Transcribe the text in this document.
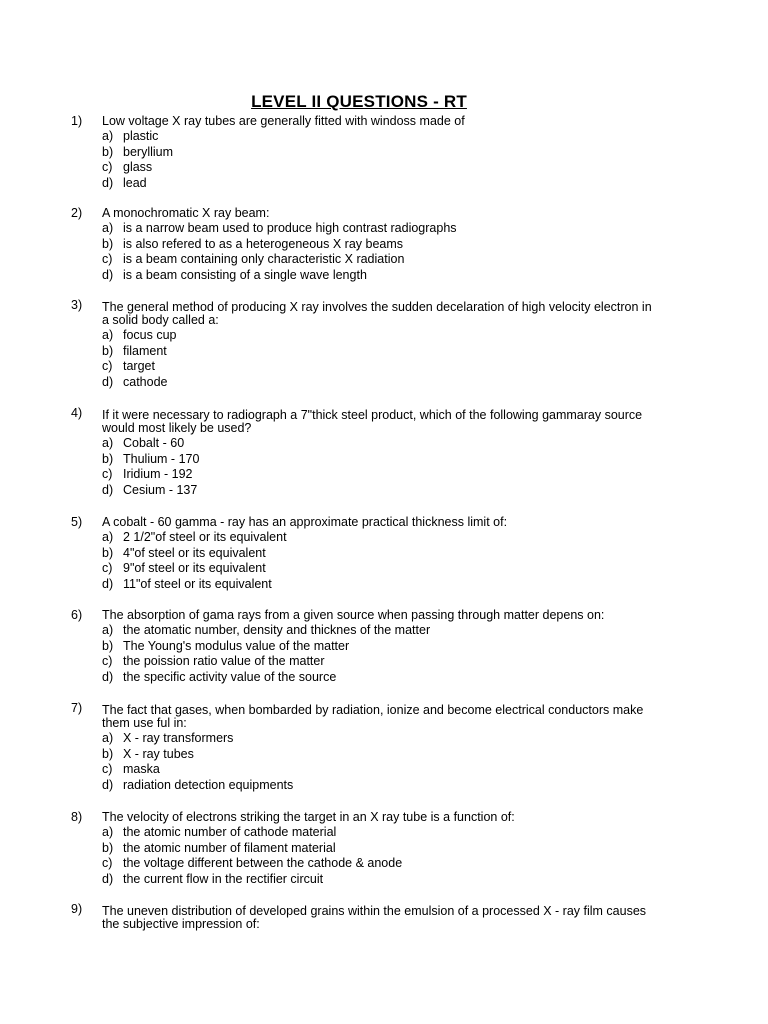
LEVEL II QUESTIONS - RT
1) Low voltage X ray tubes are generally fitted with windoss made of
a) plastic
b) beryllium
c) glass
d) lead
2) A monochromatic X ray beam:
a) is a narrow beam used to produce high contrast radiographs
b) is also refered to as a heterogeneous X ray beams
c) is a beam containing only characteristic X radiation
d) is a beam consisting of a single wave length
3) The general method of producing X ray involves the sudden decelaration of high velocity electron in a solid body called a:
a) focus cup
b) filament
c) target
d) cathode
4) If it were necessary to radiograph a 7"thick steel product, which of the following gammaray source would most likely be used?
a) Cobalt - 60
b) Thulium - 170
c) Iridium - 192
d) Cesium - 137
5) A cobalt - 60 gamma - ray has an approximate practical thickness limit of:
a) 2 1/2"of steel or its equivalent
b) 4"of steel or its equivalent
c) 9"of steel or its equivalent
d) 11"of steel or its equivalent
6) The absorption of gama rays from a given source when passing through matter depens on:
a) the atomatic number, density and thicknes of the matter
b) The Young's modulus value of the matter
c) the poission ratio value of the matter
d) the specific activity value of the source
7) The fact that gases, when bombarded by radiation, ionize and become electrical conductors make them use ful in:
a) X - ray transformers
b) X - ray tubes
c) maska
d) radiation detection equipments
8) The velocity of electrons striking the target in an X ray tube is a function of:
a) the atomic number of cathode material
b) the atomic number of filament material
c) the voltage different between the cathode & anode
d) the current flow in the rectifier circuit
9) The uneven distribution of developed grains within the emulsion of a processed X - ray film causes the subjective impression of:
